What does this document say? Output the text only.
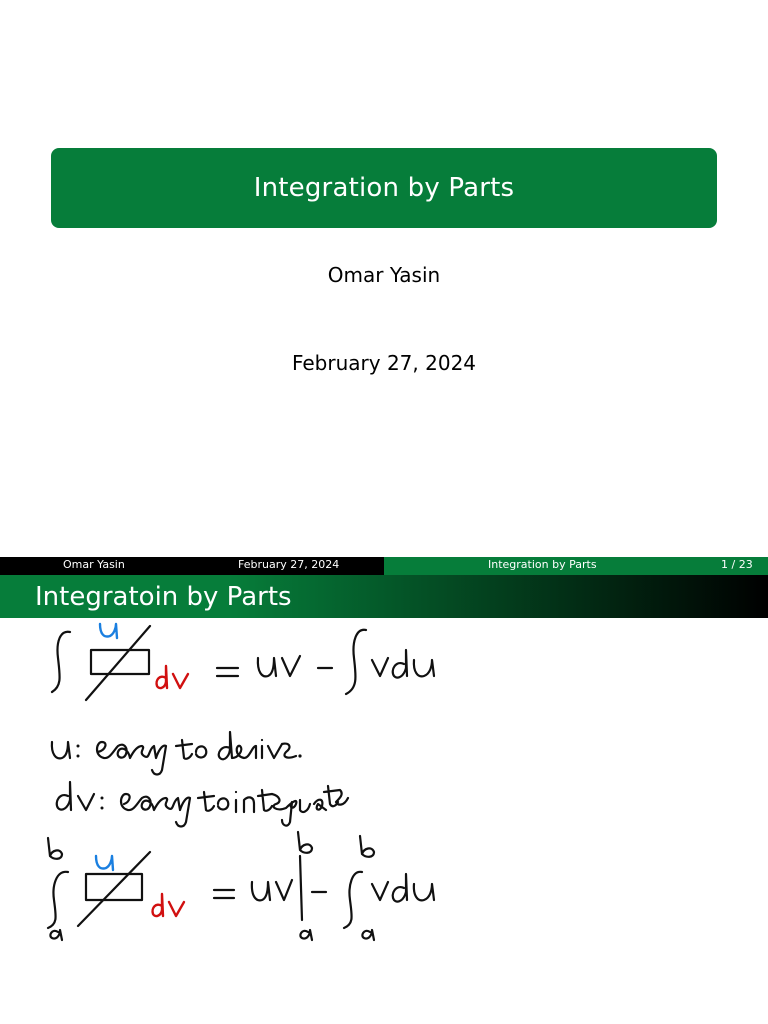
Integration by Parts
Omar Yasin
February 27, 2024
Omar Yasin	February 27, 2024	Integration by Parts	1 / 23
Integratoin by Parts
